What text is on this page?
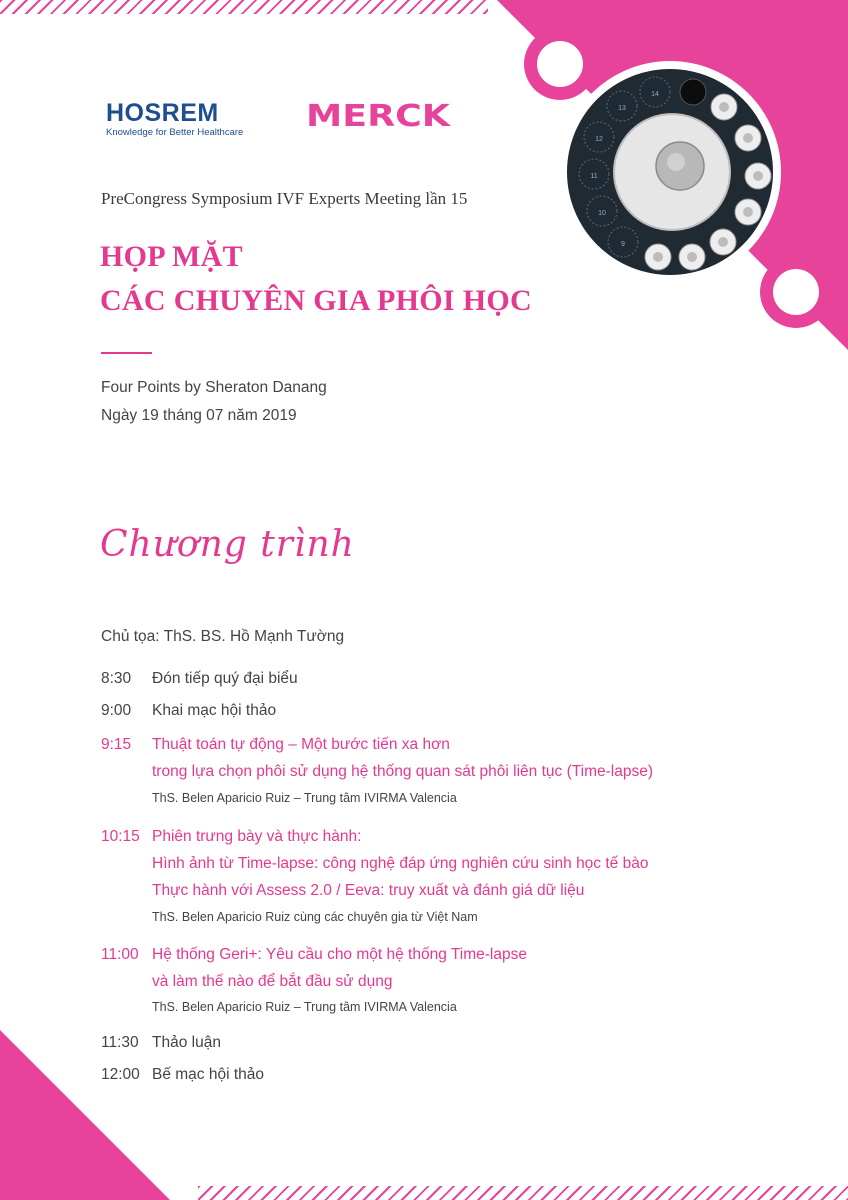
9
10
11
12
13
14
HOSREM
Knowledge for Better Healthcare MERCK
PreCongress Symposium IVF Experts Meeting lần 15
HỌP MẶT
CÁC CHUYÊN GIA PHÔI HỌC
Four Points by Sheraton Danang
Ngày 19 tháng 07 năm 2019
Chương trình
Chủ tọa: ThS. BS. Hồ Mạnh Tường
8:30 Đón tiếp quý đại biểu
9:00 Khai mạc hội thảo
9:15 Thuật toán tự động – Một bước tiến xa hơn
trong lựa chọn phôi sử dụng hệ thống quan sát phôi liên tục (Time-lapse)
ThS. Belen Aparicio Ruiz – Trung tâm IVIRMA Valencia
10:15 Phiên trưng bày và thực hành:
Hình ảnh từ Time-lapse: công nghệ đáp ứng nghiên cứu sinh học tế bào
Thực hành với Assess 2.0 / Eeva: truy xuất và đánh giá dữ liệu
ThS. Belen Aparicio Ruiz cùng các chuyên gia từ Việt Nam
11:00 Hệ thống Geri+: Yêu cầu cho một hệ thống Time-lapse
và làm thế nào để bắt đầu sử dụng
ThS. Belen Aparicio Ruiz – Trung tâm IVIRMA Valencia
11:30 Thảo luận
12:00 Bế mạc hội thảo
